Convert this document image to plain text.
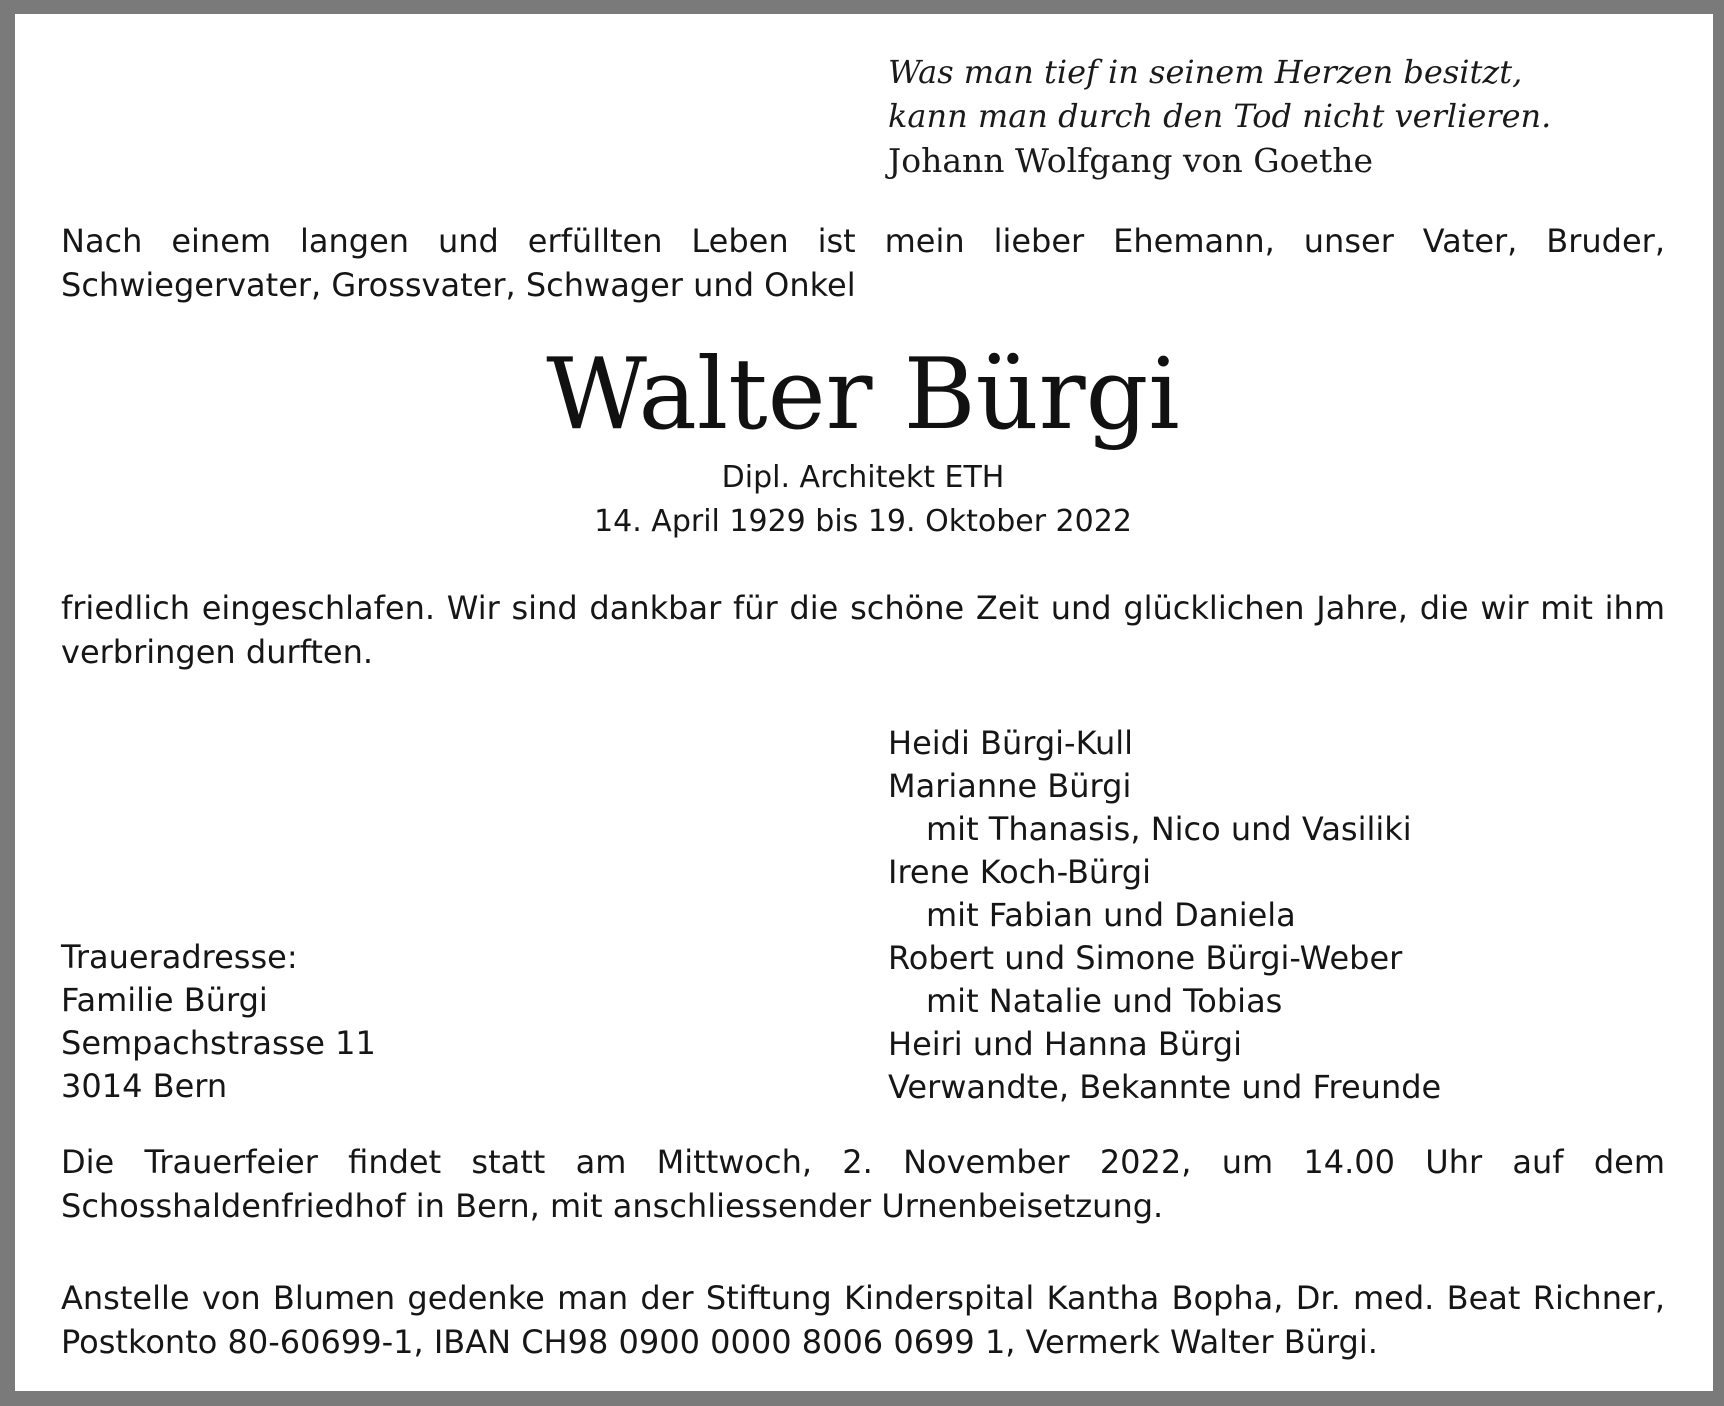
Was man tief in seinem Herzen besitzt,
kann man durch den Tod nicht verlieren.
Johann Wolfgang von Goethe

Nach einem langen und erfüllten Leben ist mein lieber Ehemann, unser Vater, Bruder, Schwiegervater, Grossvater, Schwager und Onkel

Walter Bürgi
Dipl. Architekt ETH
14. April 1929 bis 19. Oktober 2022

friedlich eingeschlafen. Wir sind dankbar für die schöne Zeit und glücklichen Jahre, die wir mit ihm verbringen durften.

Heidi Bürgi-Kull
Marianne Bürgi
mit Thanasis, Nico und Vasiliki
Irene Koch-Bürgi
mit Fabian und Daniela
Robert und Simone Bürgi-Weber
mit Natalie und Tobias
Heiri und Hanna Bürgi
Verwandte, Bekannte und Freunde
Traueradresse:
Familie Bürgi
Sempachstrasse 11
3014 Bern

Die Trauerfeier findet statt am Mittwoch, 2. November 2022, um 14.00 Uhr auf dem Schosshaldenfriedhof in Bern, mit anschliessender Urnenbeisetzung.

Anstelle von Blumen gedenke man der Stiftung Kinderspital Kantha Bopha, Dr. med. Beat Richner, Postkonto 80-60699-1, IBAN CH98 0900 0000 8006 0699 1, Vermerk Walter Bürgi.
